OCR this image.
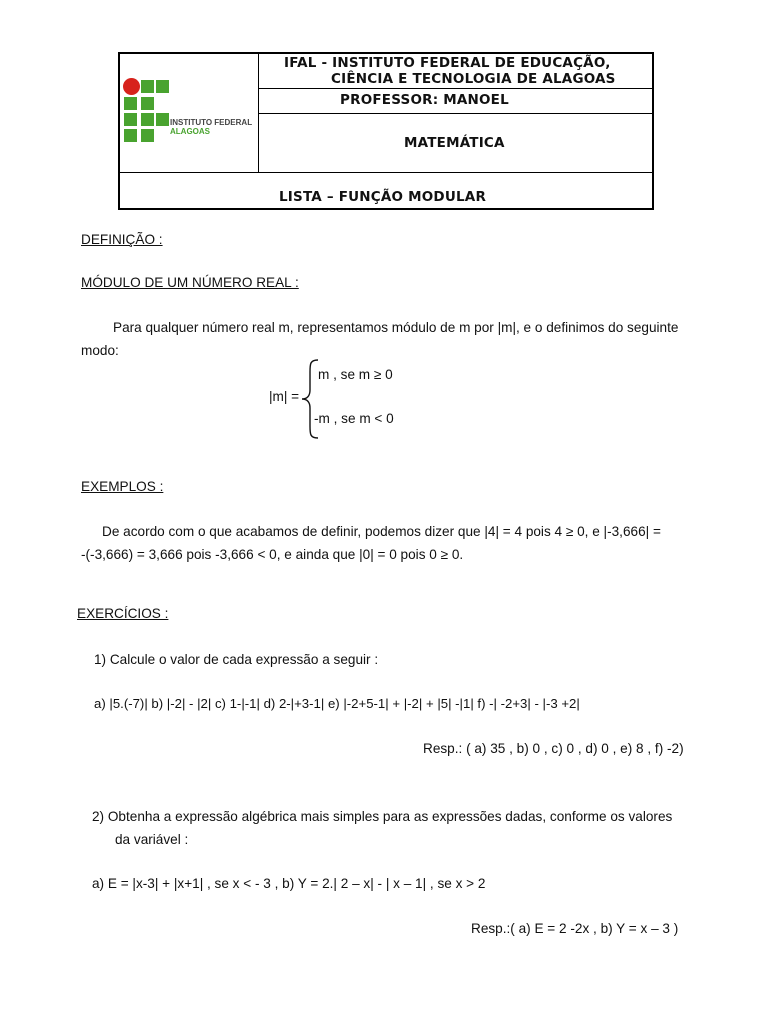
INSTITUTO FEDERAL
ALAGOAS
IFAL - INSTITUTO FEDERAL DE EDUCAÇÃO,
CIÊNCIA E TECNOLOGIA DE ALAGOAS
PROFESSOR: MANOEL
MATEMÁTICA
LISTA – FUNÇÃO MODULAR
DEFINIÇÃO :
MÓDULO DE UM NÚMERO REAL :
Para qualquer número real m, representamos módulo de m por |m|, e o definimos do seguinte
modo:
|m| =
m , se m ≥ 0
-m , se m < 0
EXEMPLOS :
De acordo com o que acabamos de definir, podemos dizer que |4| = 4 pois 4 ≥ 0, e |-3,666| =
-(-3,666) = 3,666 pois -3,666 < 0, e ainda que |0| = 0 pois 0 ≥ 0.
EXERCÍCIOS :
1) Calcule o valor de cada expressão a seguir :
a) |5.(-7)| b) |-2| - |2| c) 1-|-1| d) 2-|+3-1| e) |-2+5-1| + |-2| + |5| -|1| f) -| -2+3| - |-3 +2|
Resp.: ( a) 35 , b) 0 , c) 0 , d) 0 , e) 8 , f) -2)
2) Obtenha a expressão algébrica mais simples para as expressões dadas, conforme os valores
da variável :
a) E = |x-3| + |x+1| , se x < - 3 , b) Y = 2.| 2 – x| - | x – 1| , se x > 2
Resp.:( a) E = 2 -2x , b) Y = x – 3 )
